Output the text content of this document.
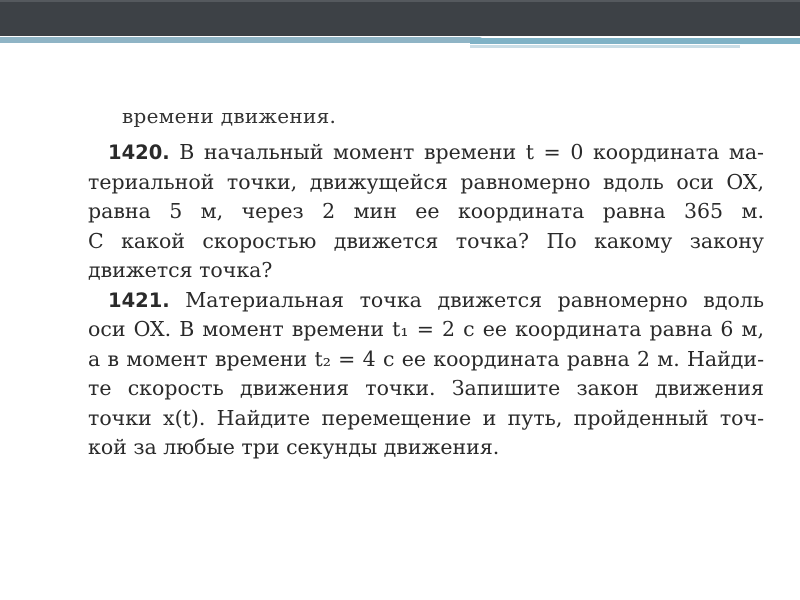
времени движения.
1420. В начальный момент времени t = 0 координата ма-
териальной точки, движущейся равномерно вдоль оси OX,
равна 5 м, через 2 мин ее координата равна 365 м.
С какой скоростью движется точка? По какому закону
движется точка?
1421. Материальная точка движется равномерно вдоль
оси OX. В момент времени t₁ = 2 с ее координата равна 6 м,
а в момент времени t₂ = 4 с ее координата равна 2 м. Найди-
те скорость движения точки. Запишите закон движения
точки x(t). Найдите перемещение и путь, пройденный точ-
кой за любые три секунды движения.
